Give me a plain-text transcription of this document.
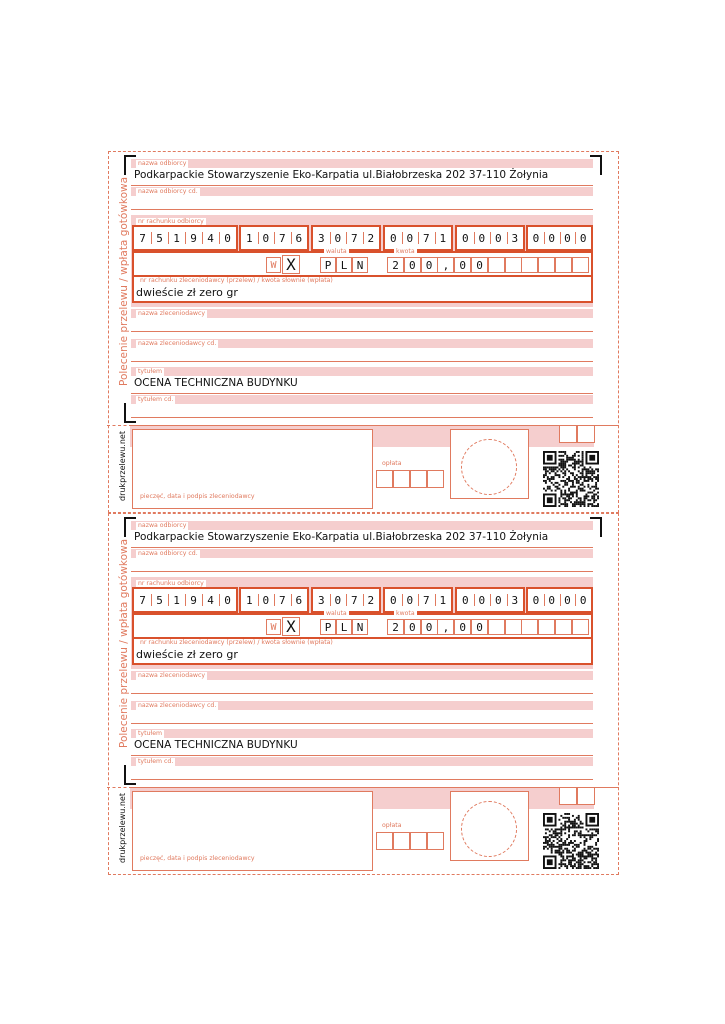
Polecenie przelewu / wpłata gotówkowa
drukprzelewu.net
nazwa odbiorcy
Podkarpackie Stowarzyszenie Eko-Karpatia ul.Białobrzeska 202 37-110 Żołynia
nazwa odbiorcy cd.
nazwa zleceniodawcy
nazwa zleceniodawcy cd.
tytułem
OCENA TECHNICZNA BUDYNKU
tytułem cd.
nr rachunku odbiorcy
7 5 1 9 4 0	1 0 7 6	3 0 7 2	0 0 7 1	0 0 0 3	0 0 0 0
W X
waluta
P L N
kwota
2 0 0 , 0 0
nr rachunku zleceniodawcy (przelew) / kwota słownie (wpłata)
dwieście zł zero gr
pieczęć, data i podpis zleceniodawcy
opłata
Polecenie przelewu / wpłata gotówkowa
drukprzelewu.net
nazwa odbiorcy
Podkarpackie Stowarzyszenie Eko-Karpatia ul.Białobrzeska 202 37-110 Żołynia
nazwa odbiorcy cd.
nazwa zleceniodawcy
nazwa zleceniodawcy cd.
tytułem
OCENA TECHNICZNA BUDYNKU
tytułem cd.
nr rachunku odbiorcy
7 5 1 9 4 0	1 0 7 6	3 0 7 2	0 0 7 1	0 0 0 3	0 0 0 0
W X
waluta
P L N
kwota
2 0 0 , 0 0
nr rachunku zleceniodawcy (przelew) / kwota słownie (wpłata)
dwieście zł zero gr
pieczęć, data i podpis zleceniodawcy
opłata
